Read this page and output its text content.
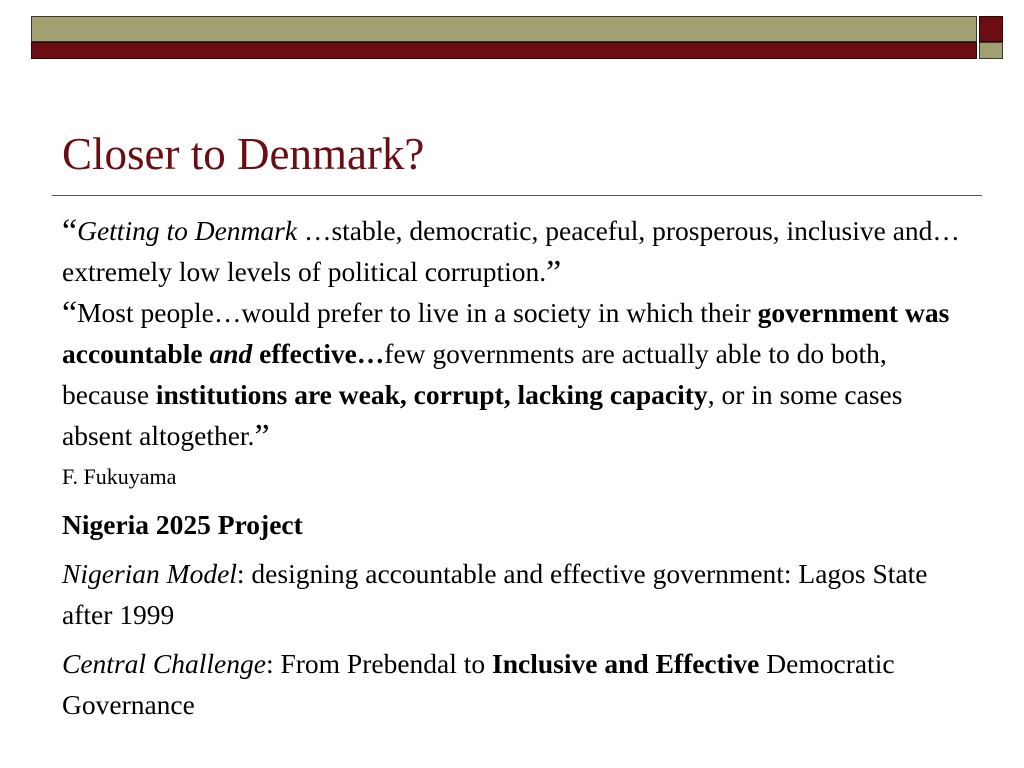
Closer to Denmark?

“Getting to Denmark …stable, democratic, peaceful, prosperous, inclusive and…extremely low levels of political corruption.”

“Most people…would prefer to live in a society in which their government was accountable and effective…few governments are actually able to do both, because institutions are weak, corrupt, lacking capacity, or in some cases absent altogether.”

F. Fukuyama

Nigeria 2025 Project

Nigerian Model: designing accountable and effective government: Lagos State after 1999

Central Challenge: From Prebendal to Inclusive and Effective Democratic Governance
